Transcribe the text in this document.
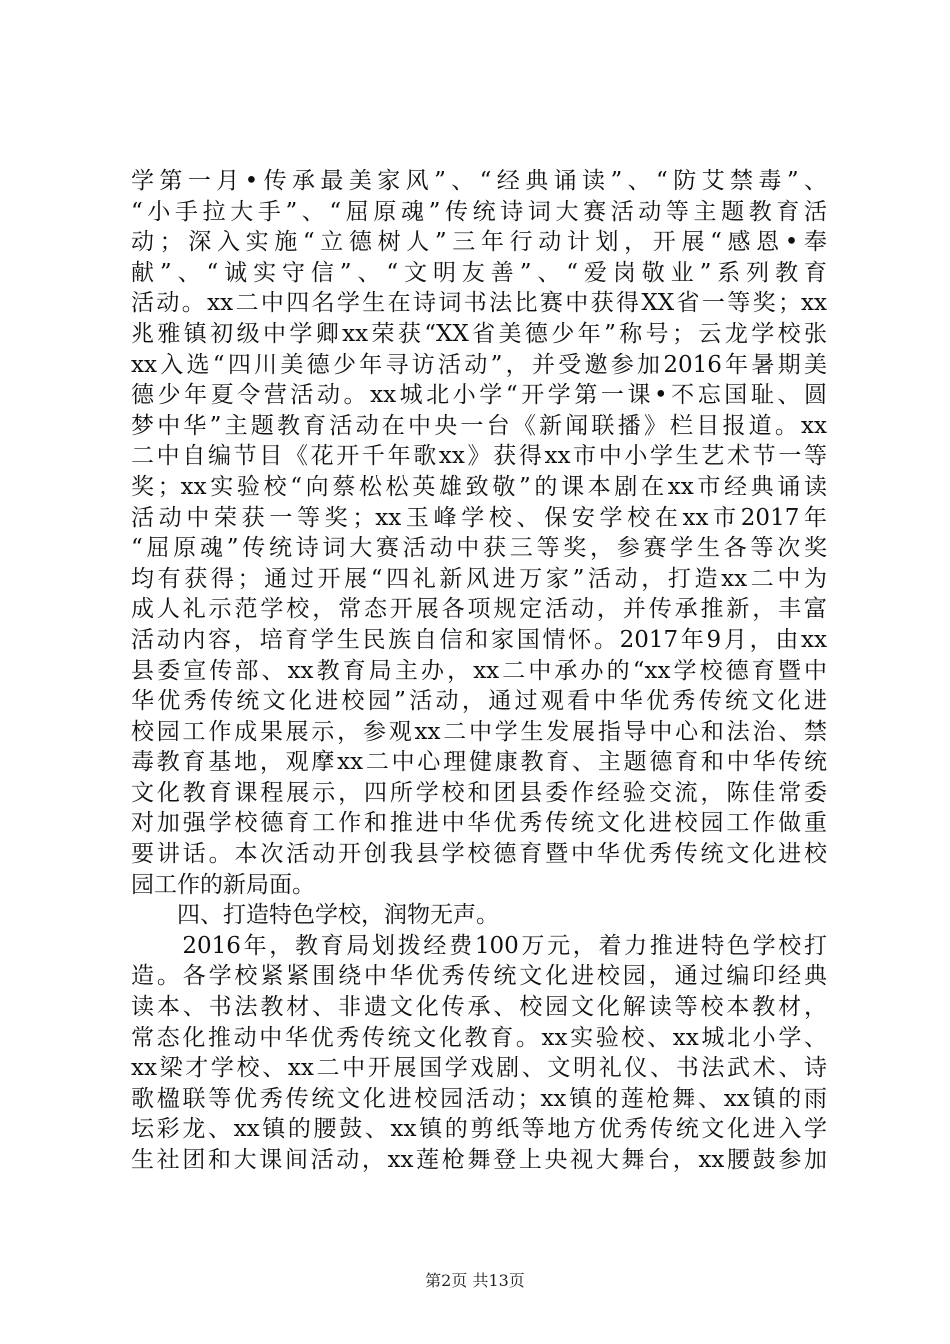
学第一月•传承最美家风”、“经典诵读”、“防艾禁毒”、
“小手拉大手”、“屈原魂”传统诗词大赛活动等主题教育活
动；深入实施“立德树人”三年行动计划，开展“感恩•奉
献”、“诚实守信”、“文明友善”、“爱岗敬业”系列教育
活动。xx二中四名学生在诗词书法比赛中获得XX省一等奖；xx
兆雅镇初级中学卿xx荣获“XX省美德少年”称号；云龙学校张
xx入选“四川美德少年寻访活动”，并受邀参加2016年暑期美
德少年夏令营活动。xx城北小学“开学第一课•不忘国耻、圆
梦中华”主题教育活动在中央一台《新闻联播》栏目报道。xx
二中自编节目《花开千年歌xx》获得xx市中小学生艺术节一等
奖；xx实验校“向蔡松松英雄致敬”的课本剧在xx市经典诵读
活动中荣获一等奖；xx玉峰学校、保安学校在xx市2017年
“屈原魂”传统诗词大赛活动中获三等奖，参赛学生各等次奖
均有获得；通过开展“四礼新风进万家”活动，打造xx二中为
成人礼示范学校，常态开展各项规定活动，并传承推新，丰富
活动内容，培育学生民族自信和家国情怀。2017年9月，由xx
县委宣传部、xx教育局主办，xx二中承办的“xx学校德育暨中
华优秀传统文化进校园”活动，通过观看中华优秀传统文化进
校园工作成果展示，参观xx二中学生发展指导中心和法治、禁
毒教育基地，观摩xx二中心理健康教育、主题德育和中华传统
文化教育课程展示，四所学校和团县委作经验交流，陈佳常委
对加强学校德育工作和推进中华优秀传统文化进校园工作做重
要讲话。本次活动开创我县学校德育暨中华优秀传统文化进校
园工作的新局面。
　　四、打造特色学校，润物无声。
　　2016年，教育局划拨经费100万元，着力推进特色学校打
造。各学校紧紧围绕中华优秀传统文化进校园，通过编印经典
读本、书法教材、非遗文化传承、校园文化解读等校本教材，
常态化推动中华优秀传统文化教育。xx实验校、xx城北小学、
xx梁才学校、xx二中开展国学戏剧、文明礼仪、书法武术、诗
歌楹联等优秀传统文化进校园活动；xx镇的莲枪舞、xx镇的雨
坛彩龙、xx镇的腰鼓、xx镇的剪纸等地方优秀传统文化进入学
生社团和大课间活动，xx莲枪舞登上央视大舞台，xx腰鼓参加
第2页 共13页
